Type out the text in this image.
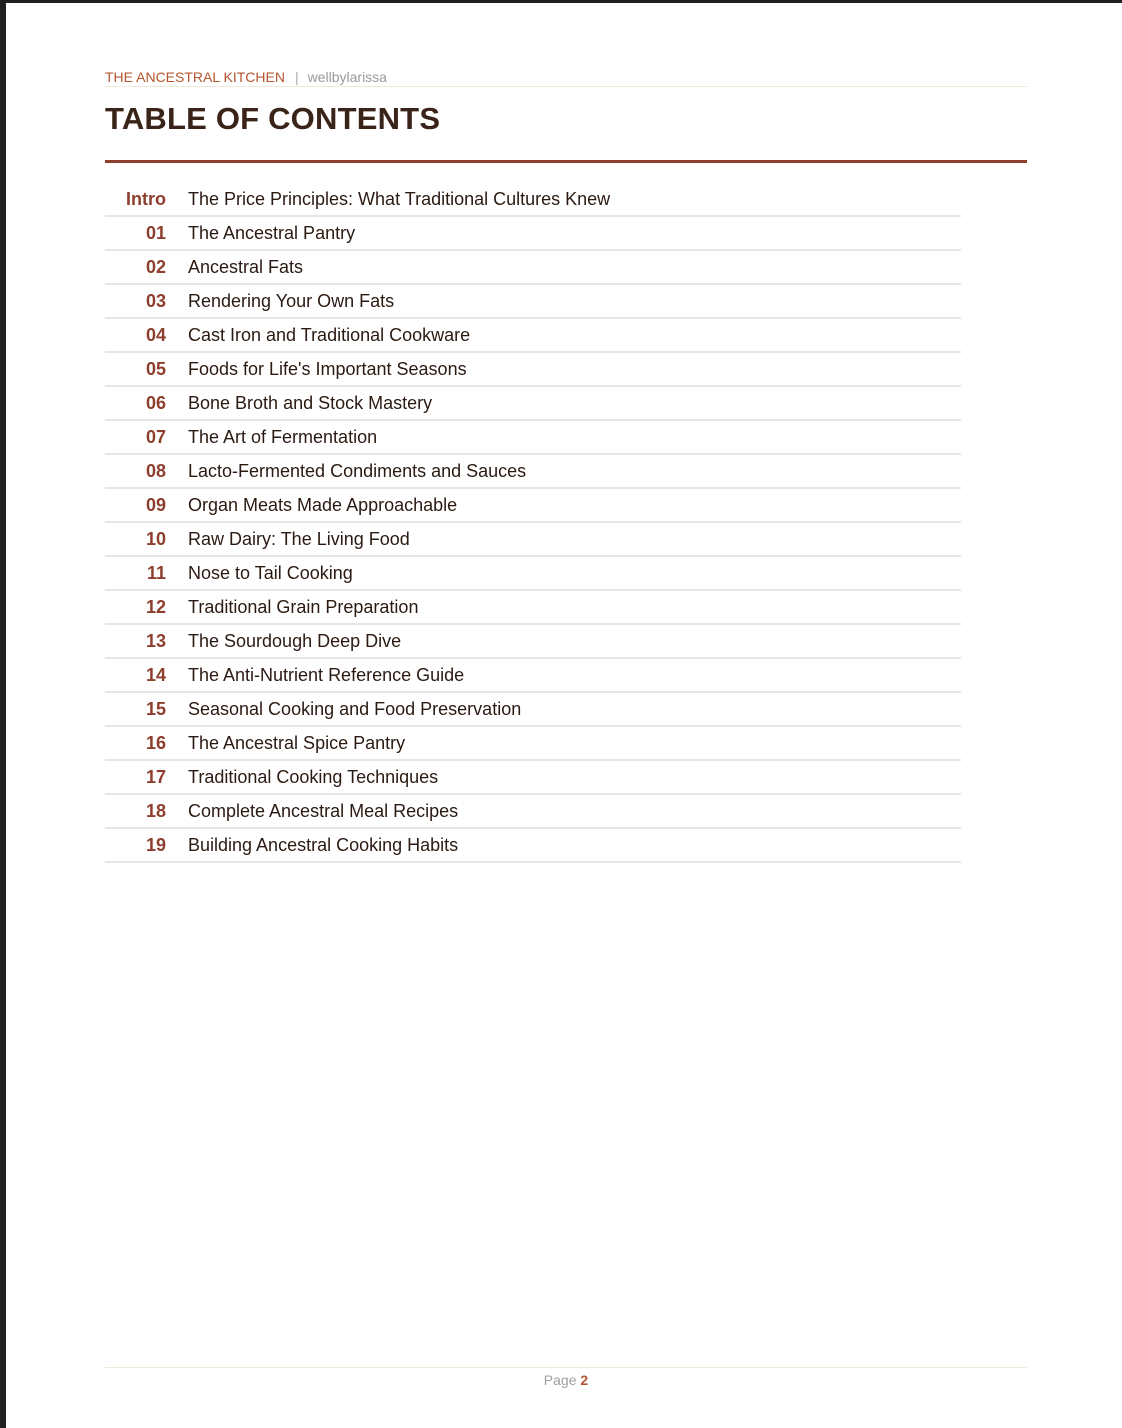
THE ANCESTRAL KITCHEN | wellbylarissa
TABLE OF CONTENTS
Intro The Price Principles: What Traditional Cultures Knew
01 The Ancestral Pantry
02 Ancestral Fats
03 Rendering Your Own Fats
04 Cast Iron and Traditional Cookware
05 Foods for Life's Important Seasons
06 Bone Broth and Stock Mastery
07 The Art of Fermentation
08 Lacto-Fermented Condiments and Sauces
09 Organ Meats Made Approachable
10 Raw Dairy: The Living Food
11 Nose to Tail Cooking
12 Traditional Grain Preparation
13 The Sourdough Deep Dive
14 The Anti-Nutrient Reference Guide
15 Seasonal Cooking and Food Preservation
16 The Ancestral Spice Pantry
17 Traditional Cooking Techniques
18 Complete Ancestral Meal Recipes
19 Building Ancestral Cooking Habits
Page 2
